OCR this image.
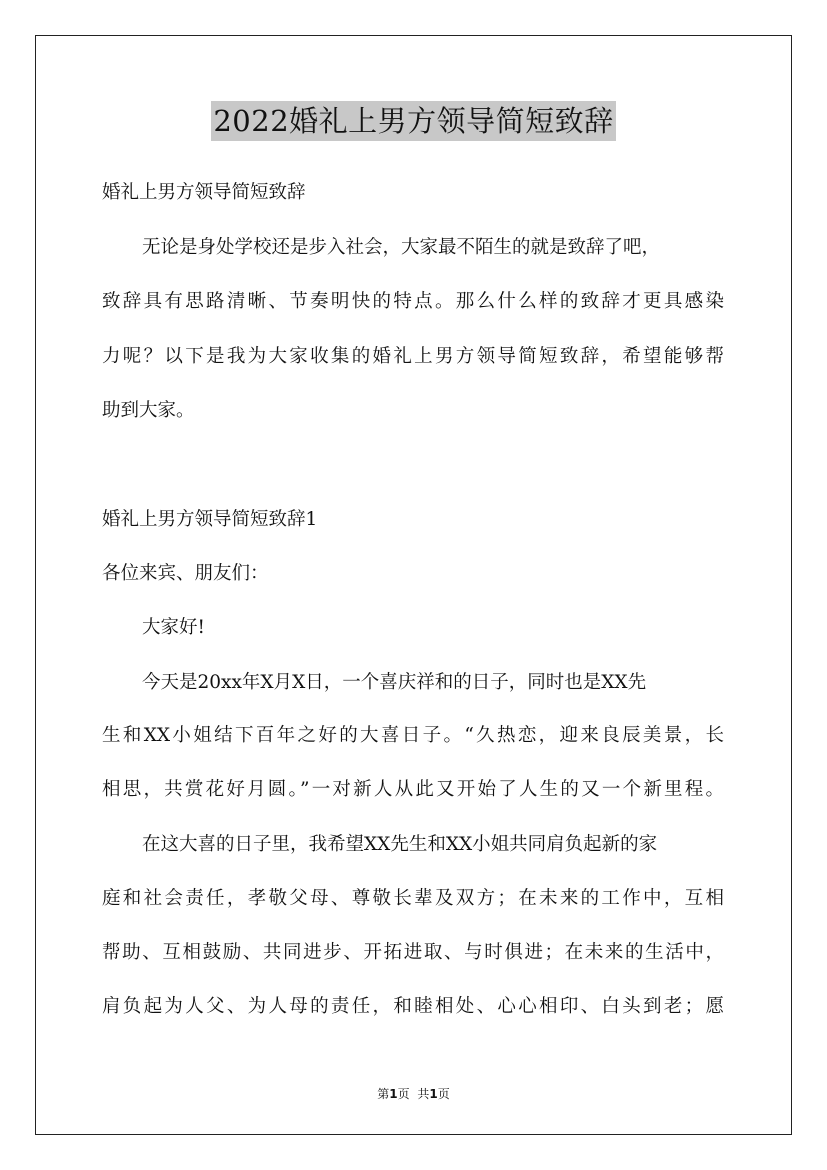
2022婚礼上男方领导简短致辞
婚礼上男方领导简短致辞
无论是身处学校还是步入社会，大家最不陌生的就是致辞了吧，
致辞具有思路清晰、节奏明快的特点。那么什么样的致辞才更具感染
力呢？以下是我为大家收集的婚礼上男方领导简短致辞，希望能够帮
助到大家。
婚礼上男方领导简短致辞1
各位来宾、朋友们：
大家好!
今天是20xx年X月X日，一个喜庆祥和的日子，同时也是XX先
生和XX小姐结下百年之好的大喜日子。“久热恋，迎来良辰美景，长
相思，共赏花好月圆。”一对新人从此又开始了人生的又一个新里程。
在这大喜的日子里，我希望XX先生和XX小姐共同肩负起新的家
庭和社会责任，孝敬父母、尊敬长辈及双方；在未来的工作中，互相
帮助、互相鼓励、共同进步、开拓进取、与时俱进；在未来的生活中，
肩负起为人父、为人母的责任，和睦相处、心心相印、白头到老；愿
第1页 共1页
